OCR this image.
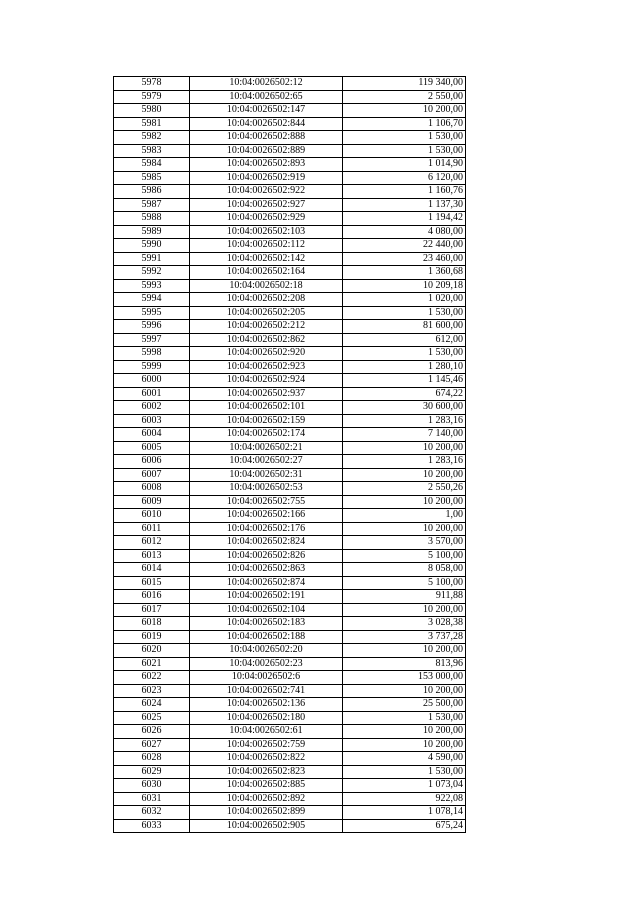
5978	10:04:0026502:12	119 340,00
5979	10:04:0026502:65	2 550,00
5980	10:04:0026502:147	10 200,00
5981	10:04:0026502:844	1 106,70
5982	10:04:0026502:888	1 530,00
5983	10:04:0026502:889	1 530,00
5984	10:04:0026502:893	1 014,90
5985	10:04:0026502:919	6 120,00
5986	10:04:0026502:922	1 160,76
5987	10:04:0026502:927	1 137,30
5988	10:04:0026502:929	1 194,42
5989	10:04:0026502:103	4 080,00
5990	10:04:0026502:112	22 440,00
5991	10:04:0026502:142	23 460,00
5992	10:04:0026502:164	1 360,68
5993	10:04:0026502:18	10 209,18
5994	10:04:0026502:208	1 020,00
5995	10:04:0026502:205	1 530,00
5996	10:04:0026502:212	81 600,00
5997	10:04:0026502:862	612,00
5998	10:04:0026502:920	1 530,00
5999	10:04:0026502:923	1 280,10
6000	10:04:0026502:924	1 145,46
6001	10:04:0026502:937	674,22
6002	10:04:0026502:101	30 600,00
6003	10:04:0026502:159	1 283,16
6004	10:04:0026502:174	7 140,00
6005	10:04:0026502:21	10 200,00
6006	10:04:0026502:27	1 283,16
6007	10:04:0026502:31	10 200,00
6008	10:04:0026502:53	2 550,26
6009	10:04:0026502:755	10 200,00
6010	10:04:0026502:166	1,00
6011	10:04:0026502:176	10 200,00
6012	10:04:0026502:824	3 570,00
6013	10:04:0026502:826	5 100,00
6014	10:04:0026502:863	8 058,00
6015	10:04:0026502:874	5 100,00
6016	10:04:0026502:191	911,88
6017	10:04:0026502:104	10 200,00
6018	10:04:0026502:183	3 028,38
6019	10:04:0026502:188	3 737,28
6020	10:04:0026502:20	10 200,00
6021	10:04:0026502:23	813,96
6022	10:04:0026502:6	153 000,00
6023	10:04:0026502:741	10 200,00
6024	10:04:0026502:136	25 500,00
6025	10:04:0026502:180	1 530,00
6026	10:04:0026502:61	10 200,00
6027	10:04:0026502:759	10 200,00
6028	10:04:0026502:822	4 590,00
6029	10:04:0026502:823	1 530,00
6030	10:04:0026502:885	1 073,04
6031	10:04:0026502:892	922,08
6032	10:04:0026502:899	1 078,14
6033	10:04:0026502:905	675,24
